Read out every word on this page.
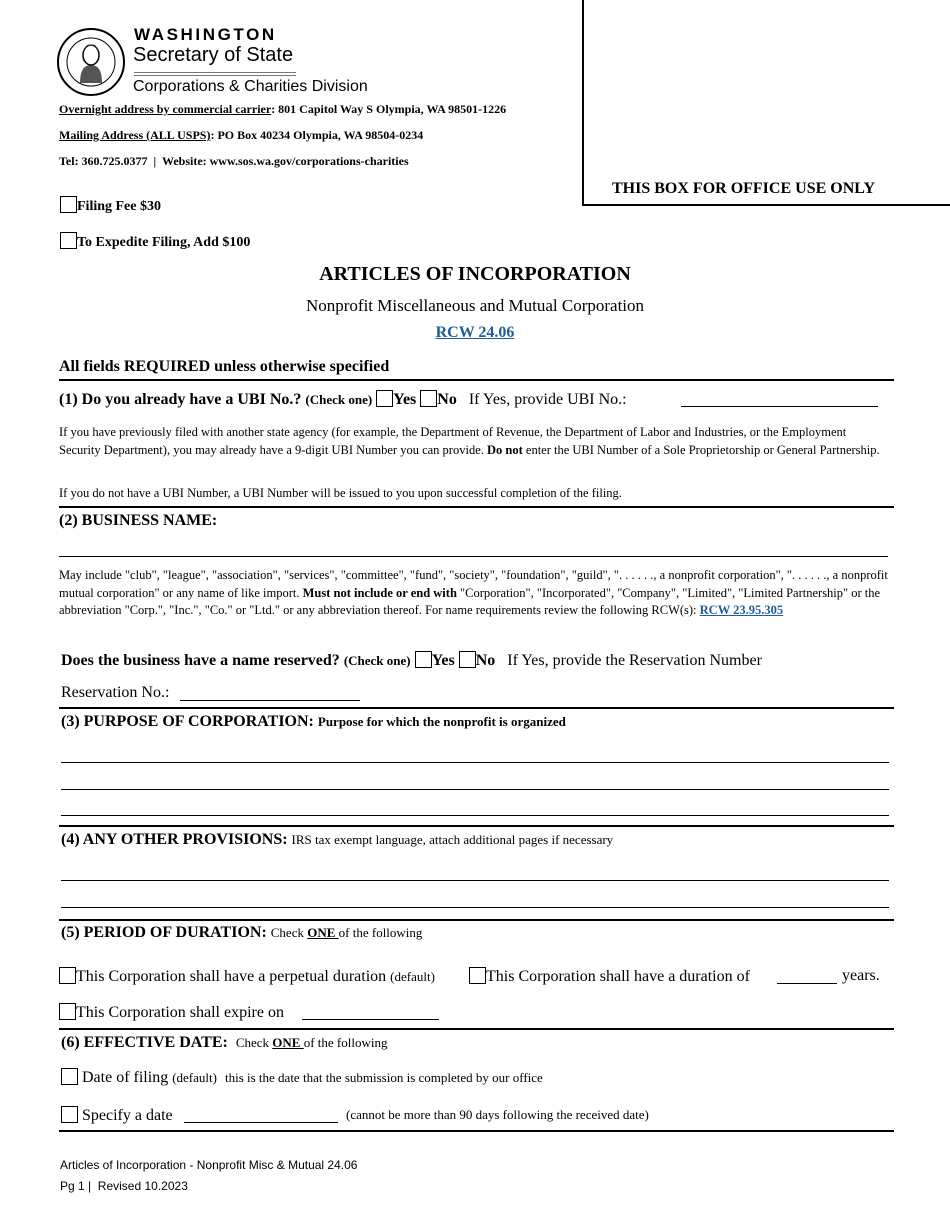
WASHINGTON
Secretary of State
Corporations & Charities Division
Overnight address by commercial carrier: 801 Capitol Way S Olympia, WA 98501-1226
Mailing Address (ALL USPS): PO Box 40234 Olympia, WA 98504-0234
Tel: 360.725.0377  |  Website: www.sos.wa.gov/corporations-charities
THIS BOX FOR OFFICE USE ONLY
Filing Fee $30
To Expedite Filing, Add $100
ARTICLES OF INCORPORATION
Nonprofit Miscellaneous and Mutual Corporation
RCW 24.06
All fields REQUIRED unless otherwise specified
(1) Do you already have a UBI No.? (Check one) Yes No If Yes, provide UBI No.:
If you have previously filed with another state agency (for example, the Department of Revenue, the Department of Labor and Industries, or the Employment Security Department), you may already have a 9-digit UBI Number you can provide. Do not enter the UBI Number of a Sole Proprietorship or General Partnership.
If you do not have a UBI Number, a UBI Number will be issued to you upon successful completion of the filing.
(2) BUSINESS NAME:
May include "club", "league", "association", "services", "committee", "fund", "society", "foundation", "guild", ". . . . . ., a nonprofit corporation", ". . . . . ., a nonprofit mutual corporation" or any name of like import. Must not include or end with "Corporation", "Incorporated", "Company", "Limited", "Limited Partnership" or the abbreviation "Corp.", "Inc.", "Co." or "Ltd." or any abbreviation thereof. For name requirements review the following RCW(s): RCW 23.95.305
Does the business have a name reserved? (Check one) Yes No If Yes, provide the Reservation Number
Reservation No.:
(3) PURPOSE OF CORPORATION: Purpose for which the nonprofit is organized
(4) ANY OTHER PROVISIONS: IRS tax exempt language, attach additional pages if necessary
(5) PERIOD OF DURATION: Check ONE of the following
This Corporation shall have a perpetual duration (default)	This Corporation shall have a duration of	years.
This Corporation shall expire on
(6) EFFECTIVE DATE: Check ONE of the following
Date of filing (default) this is the date that the submission is completed by our office
Specify a date	(cannot be more than 90 days following the received date)
Articles of Incorporation - Nonprofit Misc & Mutual 24.06
Pg 1 |  Revised 10.2023
